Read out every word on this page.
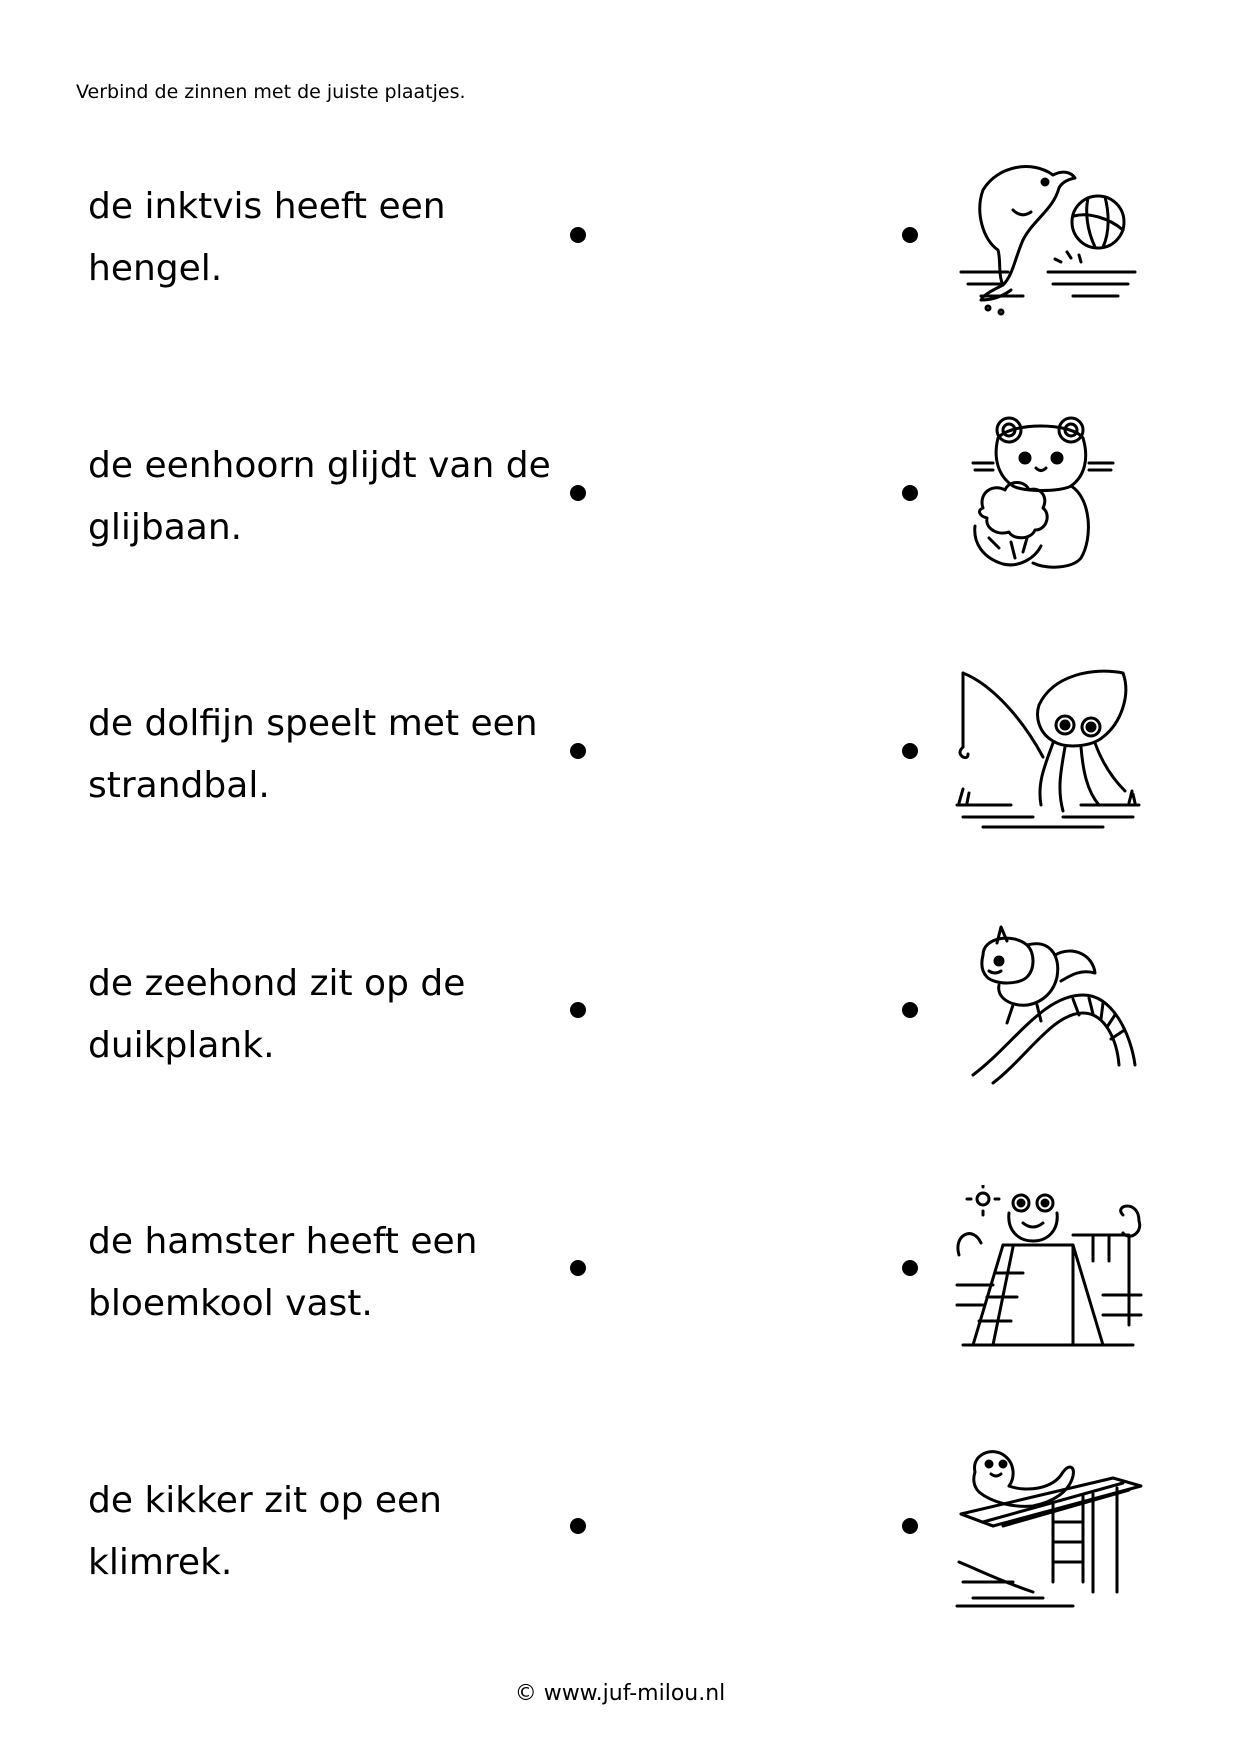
Verbind de zinnen met de juiste plaatjes.
de inktvis heeft een hengel.
de eenhoorn glijdt van de glijbaan.
de dolfijn speelt met een strandbal.
de zeehond zit op de duikplank.
de hamster heeft een bloemkool vast.
de kikker zit op een klimrek.
© www.juf-milou.nl
